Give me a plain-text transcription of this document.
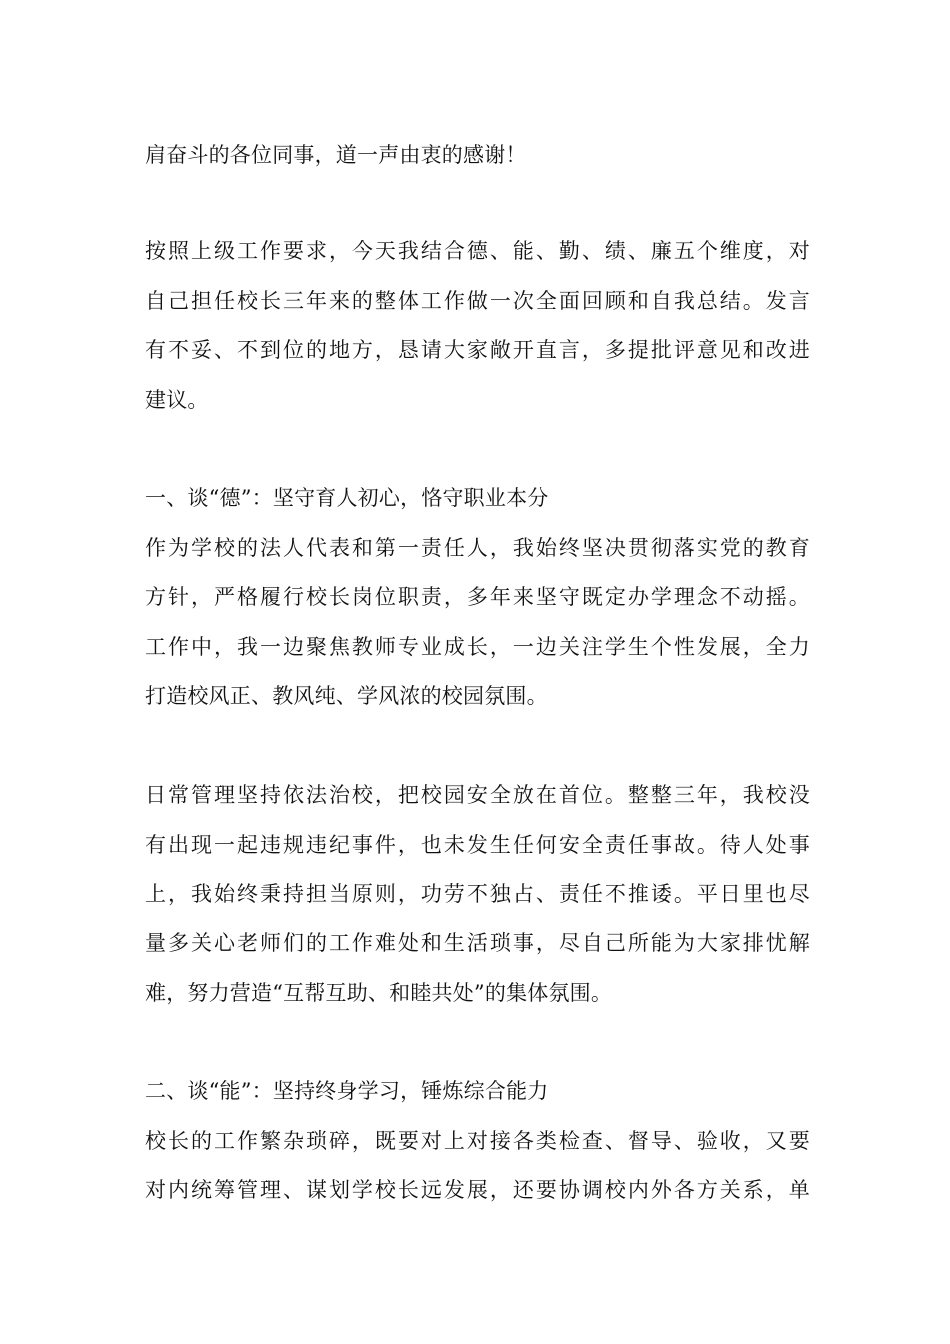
肩奋斗的各位同事，道一声由衷的感谢！
按照上级工作要求，今天我结合德、能、勤、绩、廉五个维度，对
自己担任校长三年来的整体工作做一次全面回顾和自我总结。发言
有不妥、不到位的地方，恳请大家敞开直言，多提批评意见和改进
建议。
一、谈“德”：坚守育人初心，恪守职业本分
作为学校的法人代表和第一责任人，我始终坚决贯彻落实党的教育
方针，严格履行校长岗位职责，多年来坚守既定办学理念不动摇。
工作中，我一边聚焦教师专业成长，一边关注学生个性发展，全力
打造校风正、教风纯、学风浓的校园氛围。
日常管理坚持依法治校，把校园安全放在首位。整整三年，我校没
有出现一起违规违纪事件，也未发生任何安全责任事故。待人处事
上，我始终秉持担当原则，功劳不独占、责任不推诿。平日里也尽
量多关心老师们的工作难处和生活琐事，尽自己所能为大家排忧解
难，努力营造“互帮互助、和睦共处”的集体氛围。
二、谈“能”：坚持终身学习，锤炼综合能力
校长的工作繁杂琐碎，既要对上对接各类检查、督导、验收，又要
对内统筹管理、谋划学校长远发展，还要协调校内外各方关系，单
